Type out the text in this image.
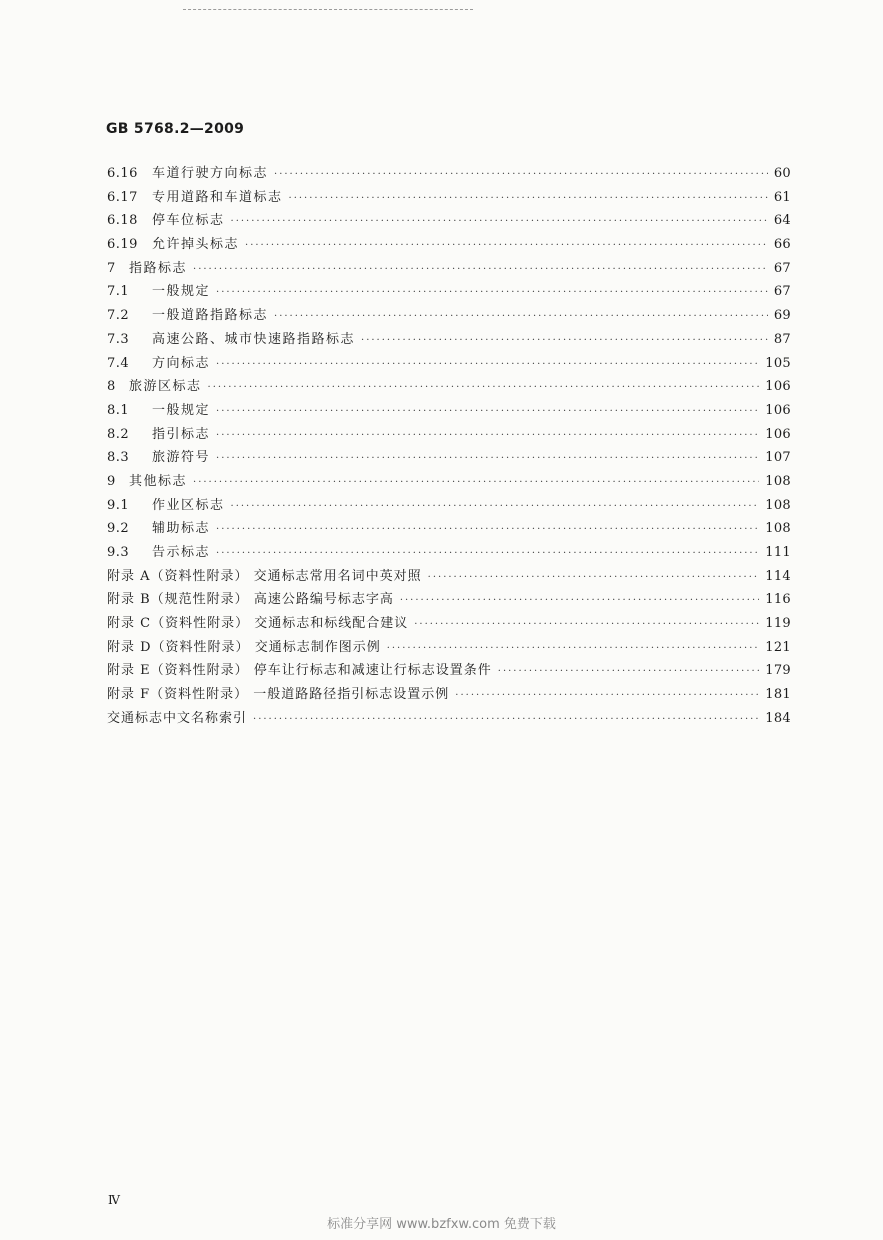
GB 5768.2—2009
6.16	车道行驶方向标志 ·····	60
6.17	专用道路和车道标志 ·····	61
6.18	停车位标志 ·····	64
6.19	允许掉头标志 ·····	66
7	指路标志 ·····	67
7.1	一般规定 ·····	67
7.2	一般道路指路标志 ·····	69
7.3	高速公路、城市快速路指路标志 ·····	87
7.4	方向标志 ·····	105
8	旅游区标志 ·····	106
8.1	一般规定 ·····	106
8.2	指引标志 ·····	106
8.3	旅游符号 ·····	107
9	其他标志 ·····	108
9.1	作业区标志 ·····	108
9.2	辅助标志 ·····	108
9.3	告示标志 ·····	111
附录 A（资料性附录） 交通标志常用名词中英对照 ·····	114
附录 B（规范性附录） 高速公路编号标志字高 ·····	116
附录 C（资料性附录） 交通标志和标线配合建议 ·····	119
附录 D（资料性附录） 交通标志制作图示例 ·····	121
附录 E（资料性附录） 停车让行标志和减速让行标志设置条件 ·····	179
附录 F（资料性附录） 一般道路路径指引标志设置示例 ·····	181
交通标志中文名称索引 ·····	184
Ⅳ
标准分享网 www.bzfxw.com 免费下载
